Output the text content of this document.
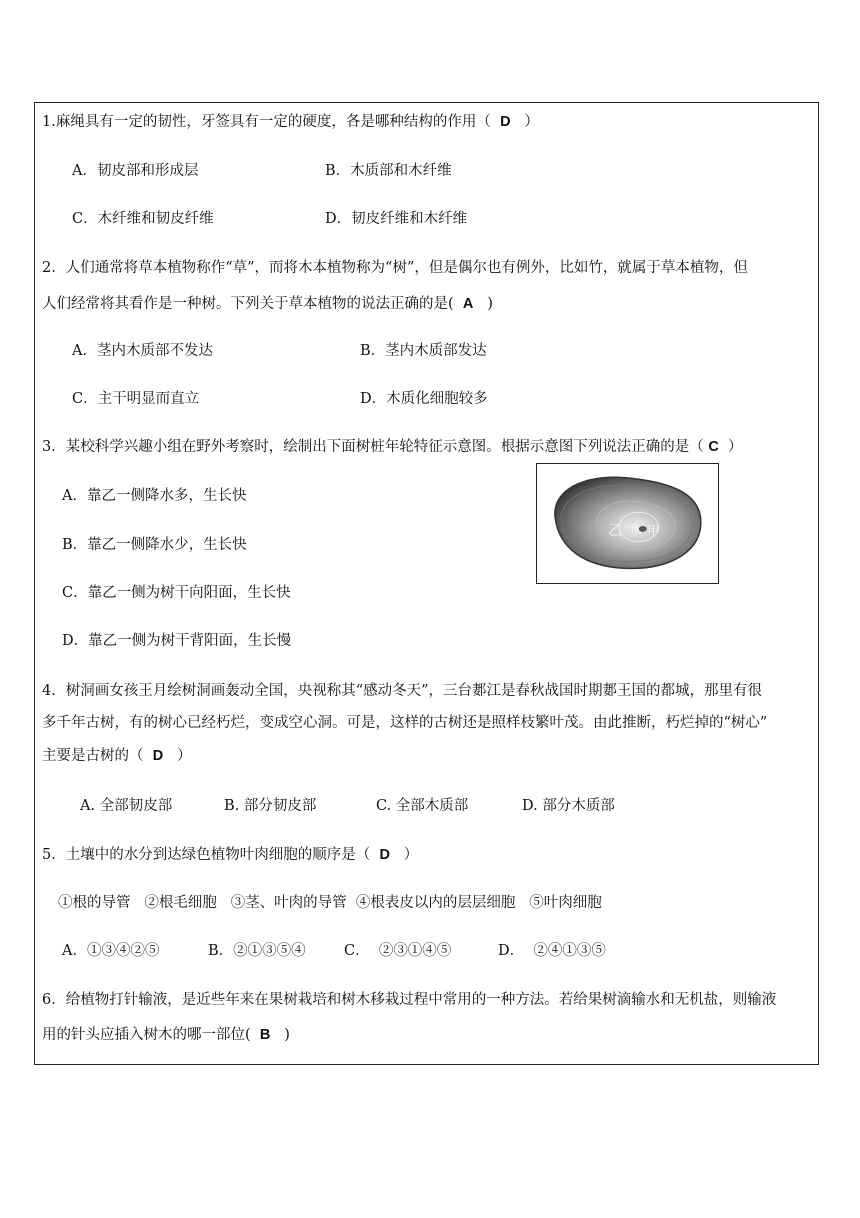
1.麻绳具有一定的韧性，牙签具有一定的硬度，各是哪种结构的作用（ D ）
A．韧皮部和形成层	B．木质部和木纤维
C．木纤维和韧皮纤维	D．韧皮纤维和木纤维
2．人们通常将草本植物称作“草”，而将木本植物称为“树”，但是偶尔也有例外，比如竹，就属于草本植物，但
人们经常将其看作是一种树。下列关于草本植物的说法正确的是( A )
A．茎内木质部不发达	B．茎内木质部发达
C．主干明显而直立	D．木质化细胞较多
3．某校科学兴趣小组在野外考察时，绘制出下面树桩年轮特征示意图。根据示意图下列说法正确的是（ C ）
A．靠乙一侧降水多，生长快
B．靠乙一侧降水少，生长快
C．靠乙一侧为树干向阳面，生长快
D．靠乙一侧为树干背阳面，生长慢
乙 甲
4．树洞画女孩王月绘树洞画轰动全国，央视称其“感动冬天”，三台郪江是春秋战国时期郪王国的都城，那里有很
多千年古树，有的树心已经朽烂，变成空心洞。可是，这样的古树还是照样枝繁叶茂。由此推断，朽烂掉的“树心”
主要是古树的（ D ）
A. 全部韧皮部	B. 部分韧皮部	C. 全部木质部	D. 部分木质部
5．土壤中的水分到达绿色植物叶肉细胞的顺序是（ D ）
①根的导管   ②根毛细胞   ③茎、叶肉的导管  ④根表皮以内的层层细胞   ⑤叶肉细胞
A．①③④②⑤	B．②①③⑤④	C．  ②③①④⑤	D．  ②④①③⑤
6．给植物打针输液，是近些年来在果树栽培和树木移栽过程中常用的一种方法。若给果树滴输水和无机盐，则输液
用的针头应插入树木的哪一部位( B )
